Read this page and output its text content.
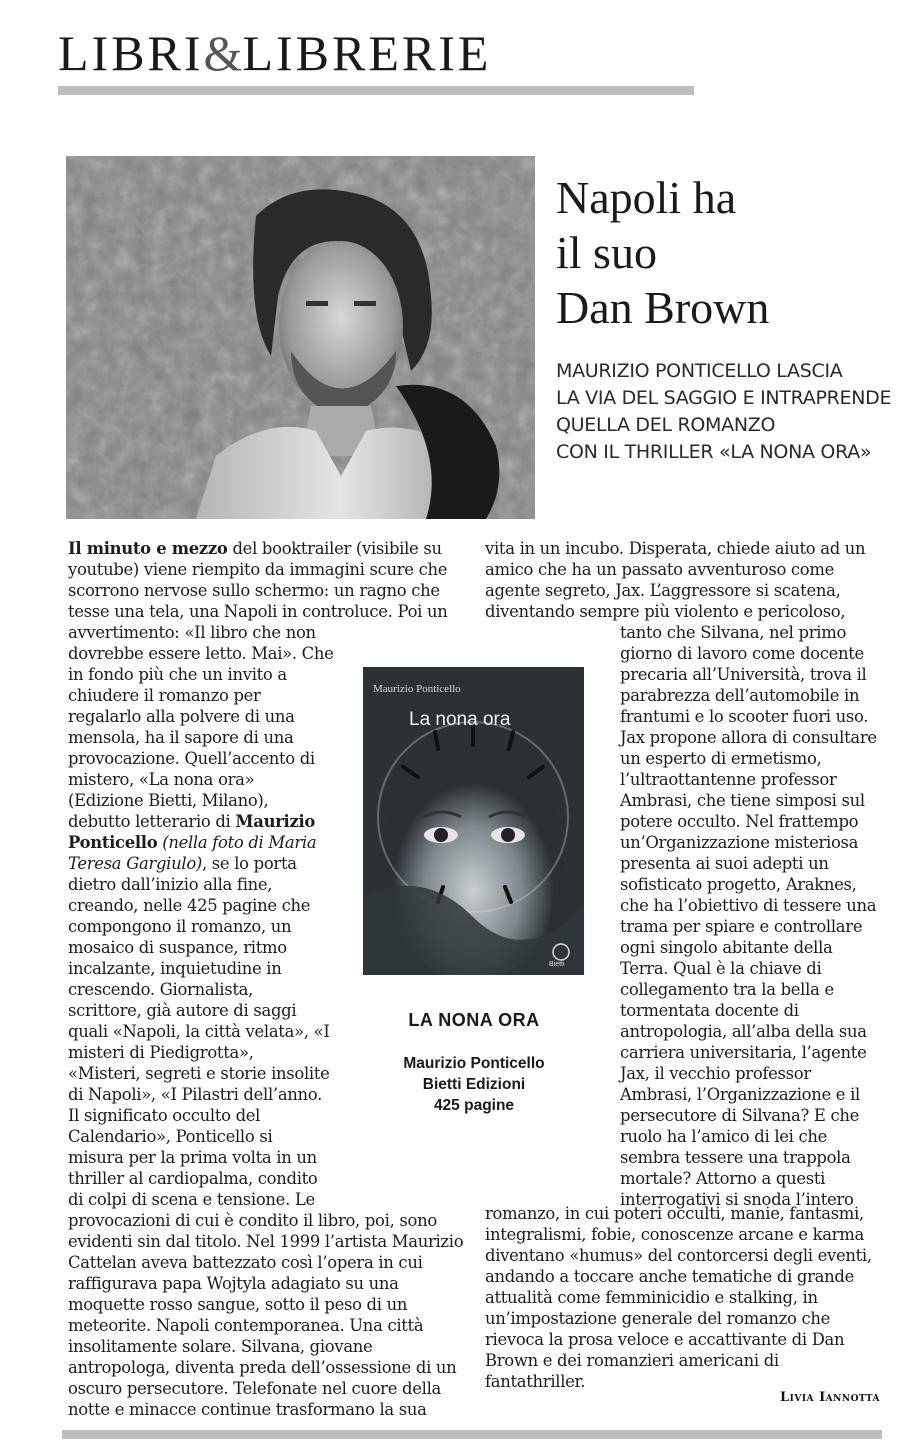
LIBRI&LIBRERIE
Napoli ha
il suo
Dan Brown
MAURIZIO PONTICELLO LASCIA
LA VIA DEL SAGGIO E INTRAPRENDE
QUELLA DEL ROMANZO
CON IL THRILLER «LA NONA ORA»
Il minuto e mezzo del booktrailer (visibile su
youtube) viene riempito da immagini scure che
scorrono nervose sullo schermo: un ragno che
tesse una tela, una Napoli in controluce. Poi un
avvertimento: «Il libro che non
dovrebbe essere letto. Mai». Che
in fondo più che un invito a
chiudere il romanzo per
regalarlo alla polvere di una
mensola, ha il sapore di una
provocazione. Quell’accento di
mistero, «La nona ora»
(Edizione Bietti, Milano),
debutto letterario di Maurizio
Ponticello (nella foto di Maria
Teresa Gargiulo), se lo porta
dietro dall’inizio alla fine,
creando, nelle 425 pagine che
compongono il romanzo, un
mosaico di suspance, ritmo
incalzante, inquietudine in
crescendo. Giornalista,
scrittore, già autore di saggi
quali «Napoli, la città velata», «I
misteri di Piedigrotta»,
«Misteri, segreti e storie insolite
di Napoli», «I Pilastri dell’anno.
Il significato occulto del
Calendario», Ponticello si
misura per la prima volta in un
thriller al cardiopalma, condito
di colpi di scena e tensione. Le
provocazioni di cui è condito il libro, poi, sono
evidenti sin dal titolo. Nel 1999 l’artista Maurizio
Cattelan aveva battezzato così l’opera in cui
raffigurava papa Wojtyla adagiato su una
moquette rosso sangue, sotto il peso di un
meteorite. Napoli contemporanea. Una città
insolitamente solare. Silvana, giovane
antropologa, diventa preda dell’ossessione di un
oscuro persecutore. Telefonate nel cuore della
notte e minacce continue trasformano la sua
vita in un incubo. Disperata, chiede aiuto ad un
amico che ha un passato avventuroso come
agente segreto, Jax. L’aggressore si scatena,
diventando sempre più violento e pericoloso,
tanto che Silvana, nel primo
giorno di lavoro come docente
precaria all’Università, trova il
parabrezza dell’automobile in
frantumi e lo scooter fuori uso.
Jax propone allora di consultare
un esperto di ermetismo,
l’ultraottantenne professor
Ambrasi, che tiene simposi sul
potere occulto. Nel frattempo
un’Organizzazione misteriosa
presenta ai suoi adepti un
sofisticato progetto, Araknes,
che ha l’obiettivo di tessere una
trama per spiare e controllare
ogni singolo abitante della
Terra. Qual è la chiave di
collegamento tra la bella e
tormentata docente di
antropologia, all’alba della sua
carriera universitaria, l’agente
Jax, il vecchio professor
Ambrasi, l’Organizzazione e il
persecutore di Silvana? E che
ruolo ha l’amico di lei che
sembra tessere una trappola
mortale? Attorno a questi
interrogativi si snoda l’intero
romanzo, in cui poteri occulti, manie, fantasmi,
integralismi, fobie, conoscenze arcane e karma
diventano «humus» del contorcersi degli eventi,
andando a toccare anche tematiche di grande
attualità come femminicidio e stalking, in
un’impostazione generale del romanzo che
rievoca la prosa veloce e accattivante di Dan
Brown e dei romanzieri americani di
fantathriller.
Maurizio Ponticello
La nona ora
Bietti
LA NONA ORA
Maurizio Ponticello
Bietti Edizioni
425 pagine
Livia Iannotta
